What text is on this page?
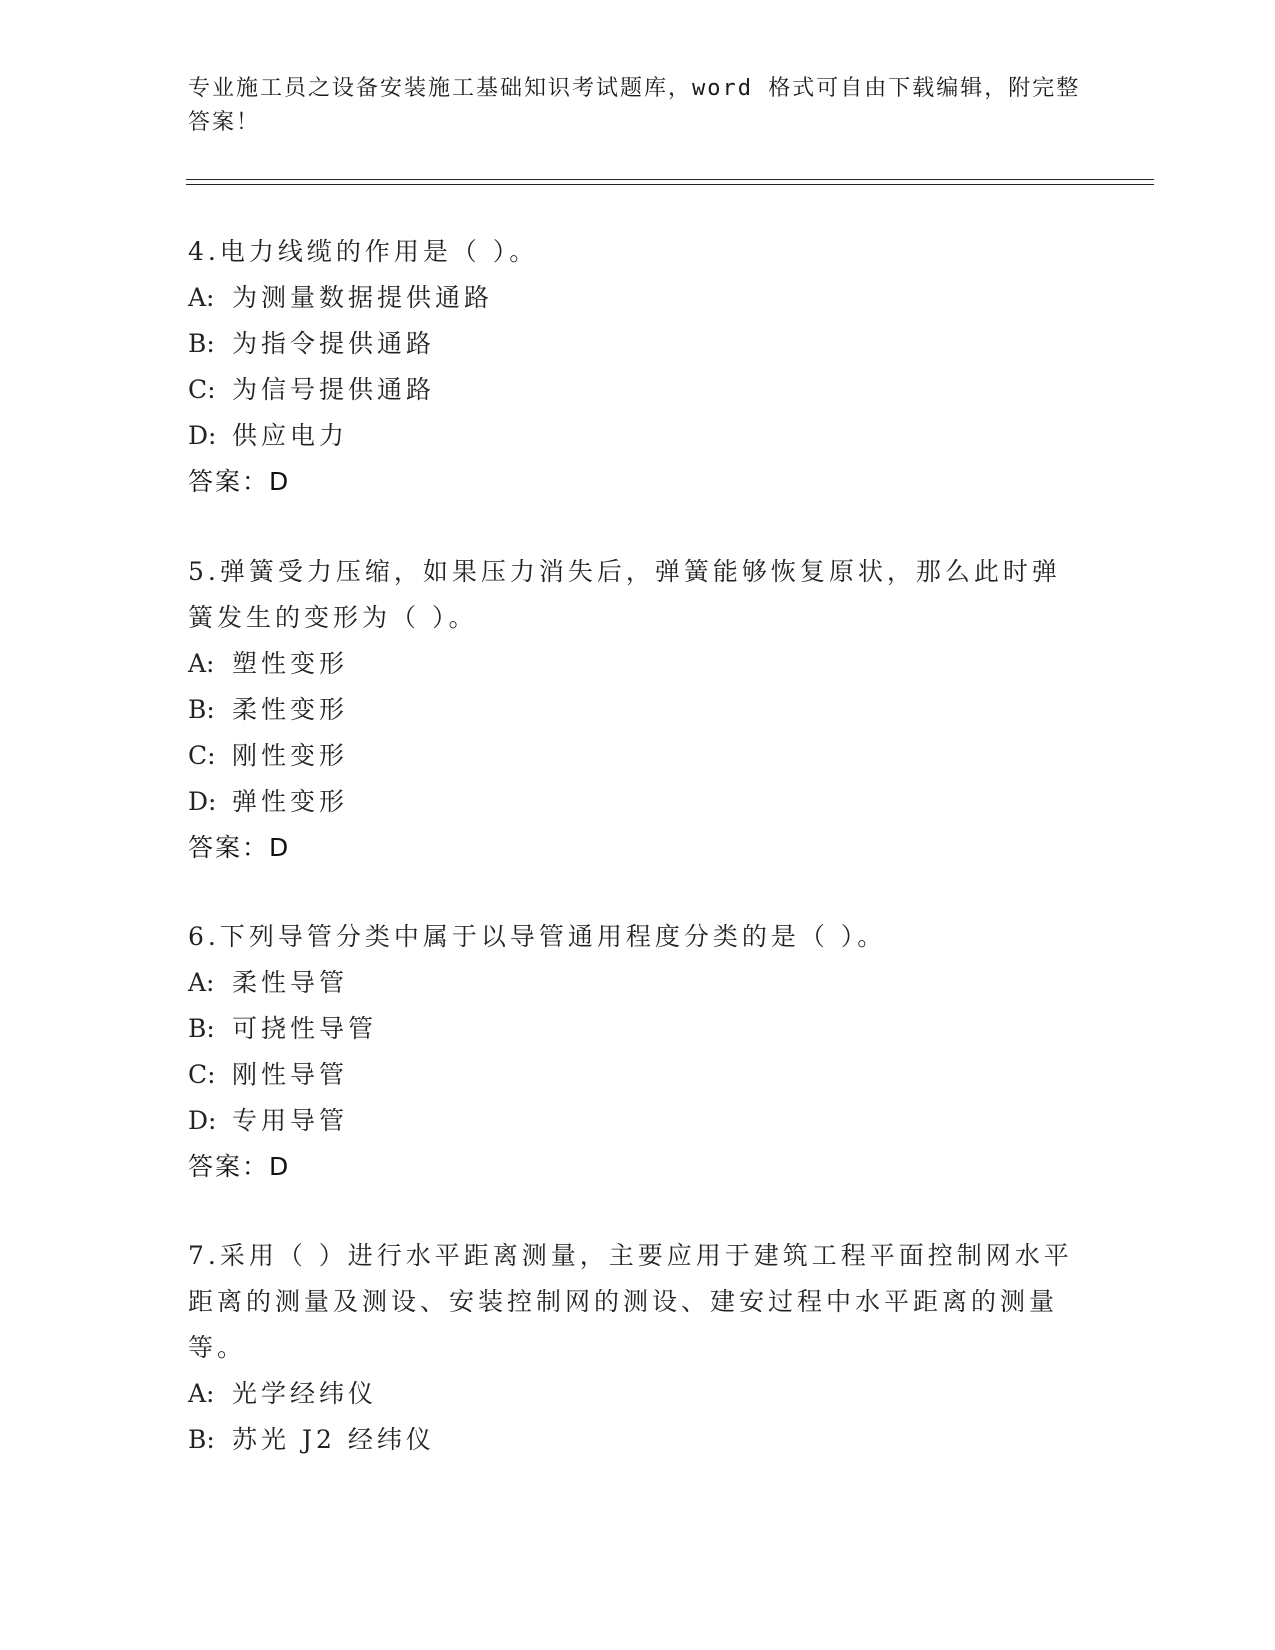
专业施工员之设备安装施工基础知识考试题库，word 格式可自由下载编辑，附完整答案！

4.电力线缆的作用是（ ）。

A: 为测量数据提供通路

B: 为指令提供通路

C: 为信号提供通路

D: 供应电力

答案：D

5.弹簧受力压缩，如果压力消失后，弹簧能够恢复原状，那么此时弹簧发生的变形为（ ）。

A: 塑性变形

B: 柔性变形

C: 刚性变形

D: 弹性变形

答案：D

6.下列导管分类中属于以导管通用程度分类的是（ ）。

A: 柔性导管

B: 可挠性导管

C: 刚性导管

D: 专用导管

答案：D

7.采用（ ）进行水平距离测量，主要应用于建筑工程平面控制网水平距离的测量及测设、安装控制网的测设、建安过程中水平距离的测量等。

A: 光学经纬仪

B: 苏光 J2 经纬仪
